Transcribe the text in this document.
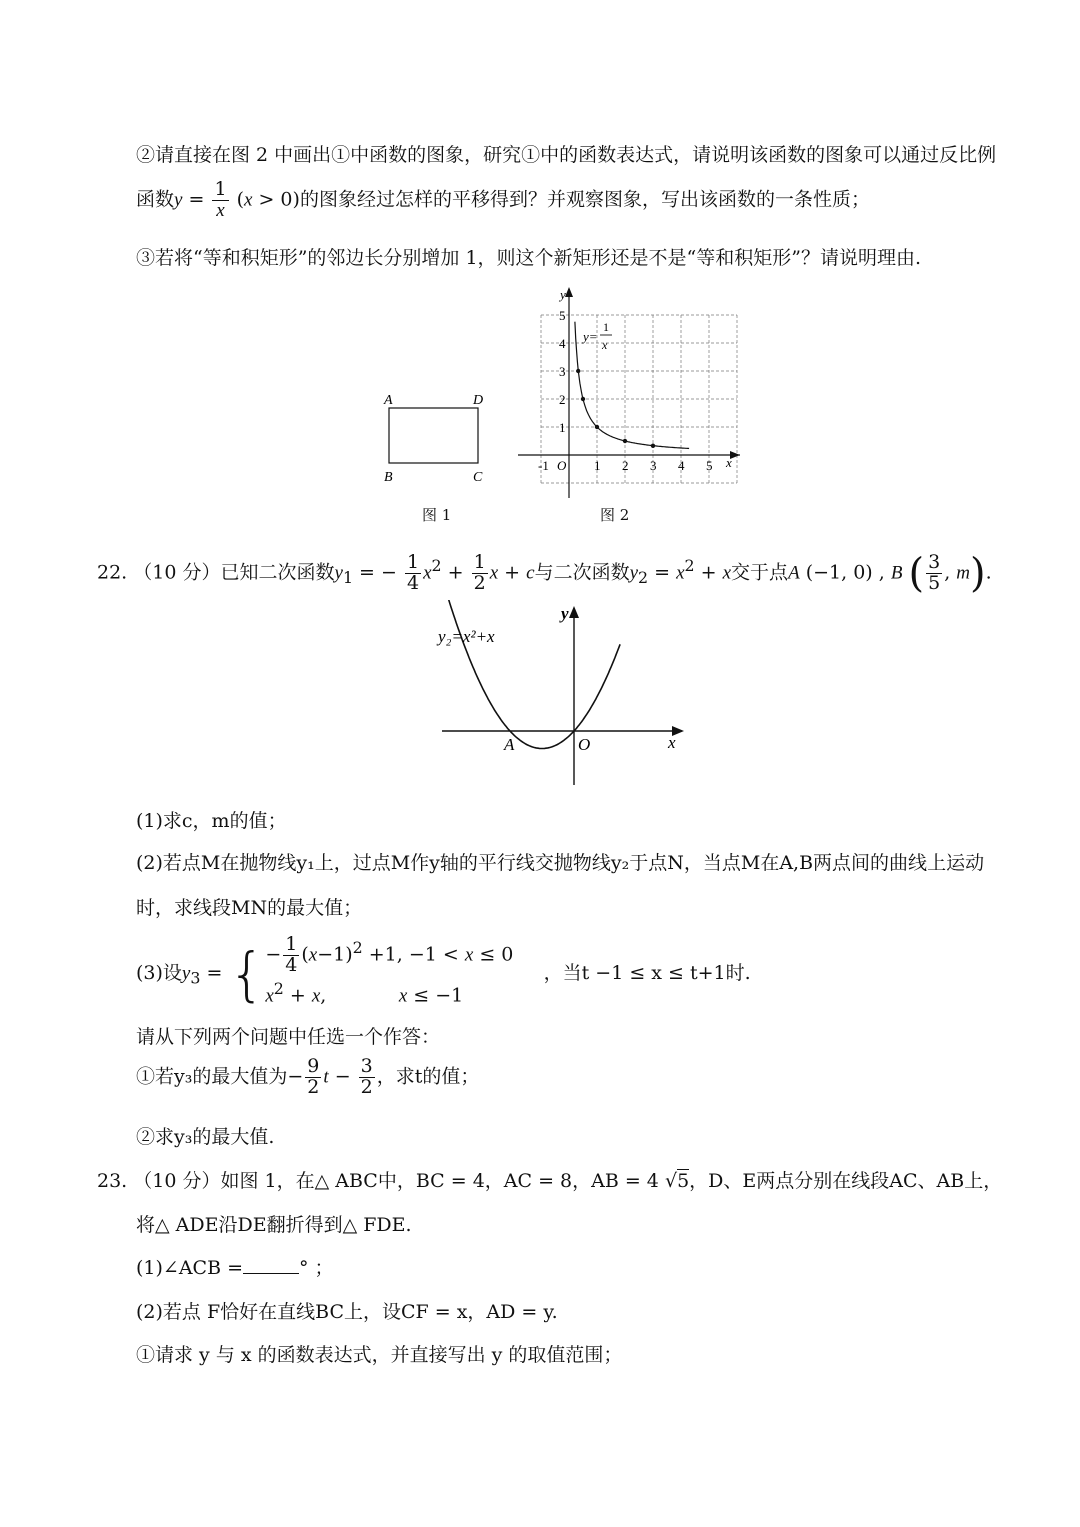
②请直接在图 2 中画出①中函数的图象，研究①中的函数表达式，请说明该函数的图象可以通过反比例
函数$y = \frac{1}{x} (x > 0)$的图象经过怎样的平移得到？并观察图象，写出该函数的一条性质；
③若将“等和积矩形”的邻边长分别增加 1，则这个新矩形还是不是“等和积矩形”？请说明理由.
A	D
B	C
图 1
y
x
-1 O 1 2 3 4 5
1
2
3
4
5
y=
1
x
图 2
22. （10 分）已知二次函数$y_1$ = − $\frac{1}{4} x^2 + \frac{1}{2}$ x + c与二次函数$y_2 = x^2 + x$交于点A (−1, 0) , B ( $\frac{3}{5}$ , m).
y
x
A	O
y₂=x²+x
(1)求c，m的值；
(2)若点M在抛物线y₁上，过点M作y轴的平行线交抛物线y₂于点N，当点M在A,B两点间的曲线上运动
时，求线段MN的最大值；
(3)设$y_3$ = {− $\frac{1}{4} (x-1)^2 +1$, −1 < x ≤ 0
$x^2 + x$,            x ≤ −1     ，当t −1 ≤ x ≤ t+1时.
请从下列两个问题中任选一个作答：
①若y₃的最大值为− $\frac{9}{2}$ $t - \frac{3}{2}$ ，求t的值；
②求y₃的最大值.
23. （10 分）如图 1，在△ ABC中，BC = 4，AC = 8，AB = 4 √5，D、E两点分别在线段AC、AB上，
将△ ADE沿DE翻折得到△ FDE.
(1)∠ACB =	° ；
(2)若点 F恰好在直线BC上，设CF = x，AD = y.
①请求 y 与 x 的函数表达式，并直接写出 y 的取值范围；
